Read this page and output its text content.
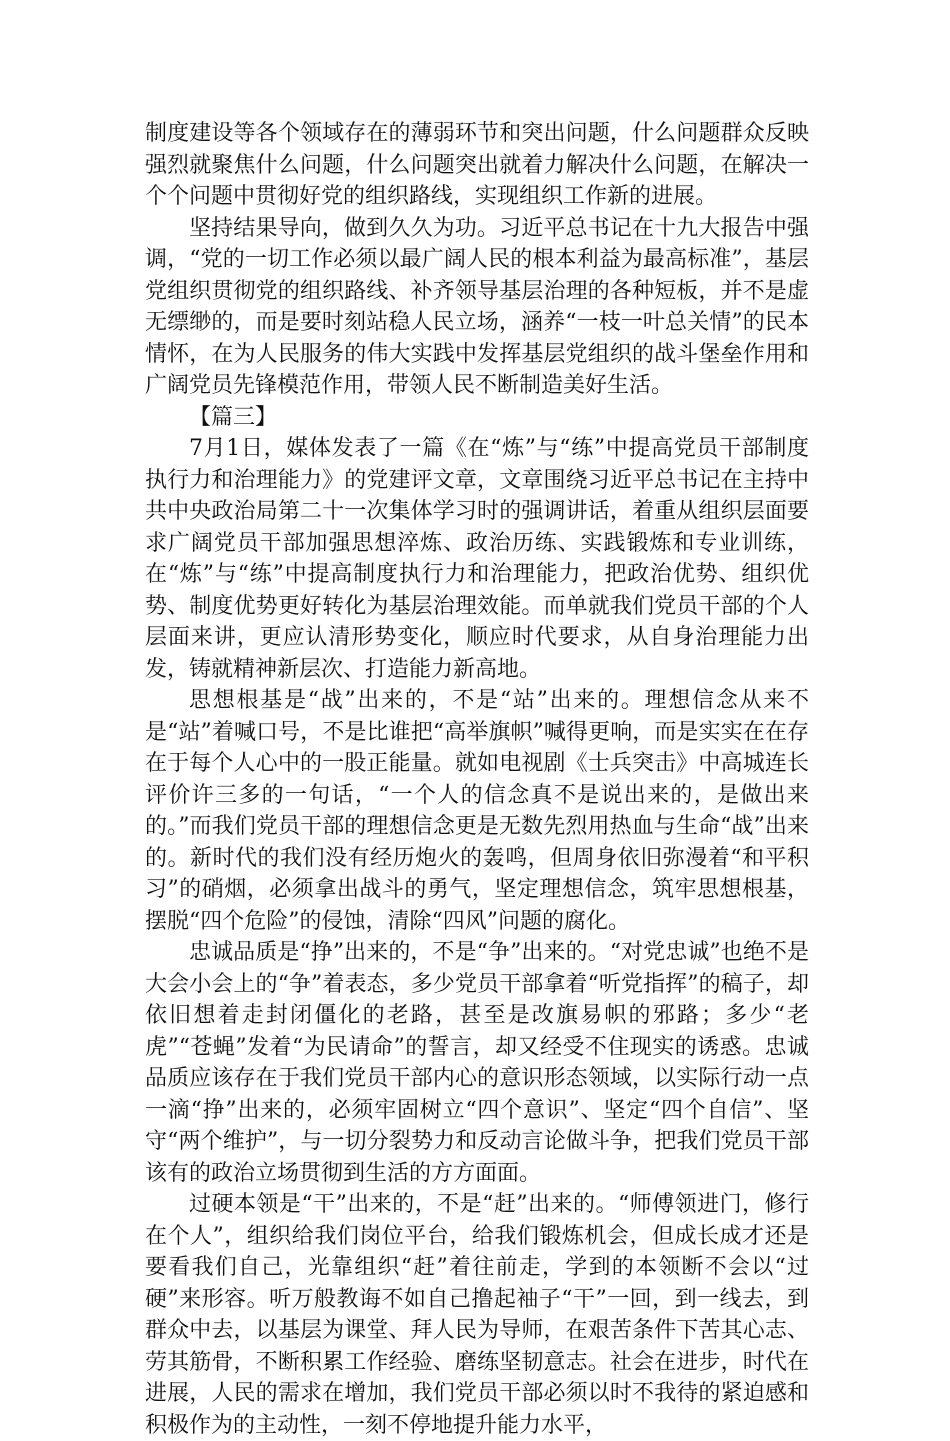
制度建设等各个领域存在的薄弱环节和突出问题，什么问题群众反映强烈就聚焦什么问题，什么问题突出就着力解决什么问题，在解决一个个问题中贯彻好党的组织路线，实现组织工作新的进展。

坚持结果导向，做到久久为功。习近平总书记在十九大报告中强调，“党的一切工作必须以最广阔人民的根本利益为最高标准”，基层党组织贯彻党的组织路线、补齐领导基层治理的各种短板，并不是虚无缥缈的，而是要时刻站稳人民立场，涵养“一枝一叶总关情”的民本情怀，在为人民服务的伟大实践中发挥基层党组织的战斗堡垒作用和广阔党员先锋模范作用，带领人民不断制造美好生活。

【篇三】

7月1日，媒体发表了一篇《在“炼”与“练”中提高党员干部制度执行力和治理能力》的党建评文章，文章围绕习近平总书记在主持中共中央政治局第二十一次集体学习时的强调讲话，着重从组织层面要求广阔党员干部加强思想淬炼、政治历练、实践锻炼和专业训练，在“炼”与“练”中提高制度执行力和治理能力，把政治优势、组织优势、制度优势更好转化为基层治理效能。而单就我们党员干部的个人层面来讲，更应认清形势变化，顺应时代要求，从自身治理能力出发，铸就精神新层次、打造能力新高地。

思想根基是“战”出来的，不是“站”出来的。理想信念从来不是“站”着喊口号，不是比谁把“高举旗帜”喊得更响，而是实实在在存在于每个人心中的一股正能量。就如电视剧《士兵突击》中高城连长评价许三多的一句话，“一个人的信念真不是说出来的，是做出来的。”而我们党员干部的理想信念更是无数先烈用热血与生命“战”出来的。新时代的我们没有经历炮火的轰鸣，但周身依旧弥漫着“和平积习”的硝烟，必须拿出战斗的勇气，坚定理想信念，筑牢思想根基，摆脱“四个危险”的侵蚀，清除“四风”问题的腐化。

忠诚品质是“挣”出来的，不是“争”出来的。“对党忠诚”也绝不是大会小会上的“争”着表态，多少党员干部拿着“听党指挥”的稿子，却依旧想着走封闭僵化的老路，甚至是改旗易帜的邪路；多少“老虎”“苍蝇”发着“为民请命”的誓言，却又经受不住现实的诱惑。忠诚品质应该存在于我们党员干部内心的意识形态领域，以实际行动一点一滴“挣”出来的，必须牢固树立“四个意识”、坚定“四个自信”、坚守“两个维护”，与一切分裂势力和反动言论做斗争，把我们党员干部该有的政治立场贯彻到生活的方方面面。

过硬本领是“干”出来的，不是“赶”出来的。“师傅领进门，修行在个人”，组织给我们岗位平台，给我们锻炼机会，但成长成才还是要看我们自己，光靠组织“赶”着往前走，学到的本领断不会以“过硬”来形容。听万般教诲不如自己撸起袖子“干”一回，到一线去，到群众中去，以基层为课堂、拜人民为导师，在艰苦条件下苦其心志、劳其筋骨，不断积累工作经验、磨练坚韧意志。社会在进步，时代在进展，人民的需求在增加，我们党员干部必须以时不我待的紧迫感和积极作为的主动性，一刻不停地提升能力水平，
